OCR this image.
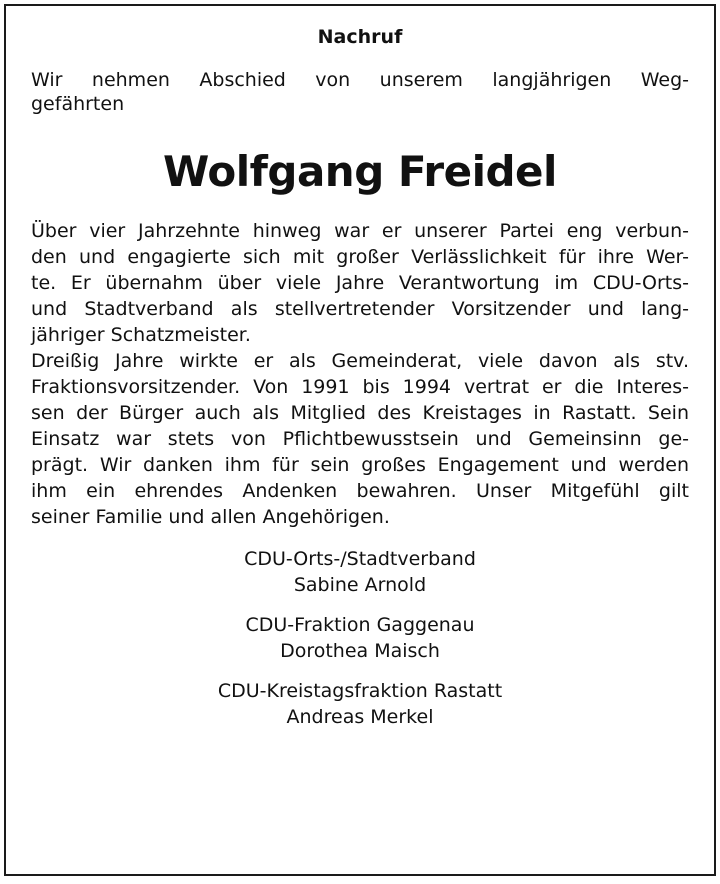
Nachruf

Wir nehmen Abschied von unserem langjährigen Weg-
gefährten

Wolfgang Freidel
Über vier Jahrzehnte hinweg war er unserer Partei eng verbun-
den und engagierte sich mit großer Verlässlichkeit für ihre Wer-
te. Er übernahm über viele Jahre Verantwortung im CDU-Orts-
und Stadtverband als stellvertretender Vorsitzender und lang-
jähriger Schatzmeister.
Dreißig Jahre wirkte er als Gemeinderat, viele davon als stv.
Fraktionsvorsitzender. Von 1991 bis 1994 vertrat er die Interes-
sen der Bürger auch als Mitglied des Kreistages in Rastatt. Sein
Einsatz war stets von Pflichtbewusstsein und Gemeinsinn ge-
prägt. Wir danken ihm für sein großes Engagement und werden
ihm ein ehrendes Andenken bewahren. Unser Mitgefühl gilt
seiner Familie und allen Angehörigen.
CDU-Orts-/Stadtverband
Sabine Arnold
CDU-Fraktion Gaggenau
Dorothea Maisch
CDU-Kreistagsfraktion Rastatt
Andreas Merkel
